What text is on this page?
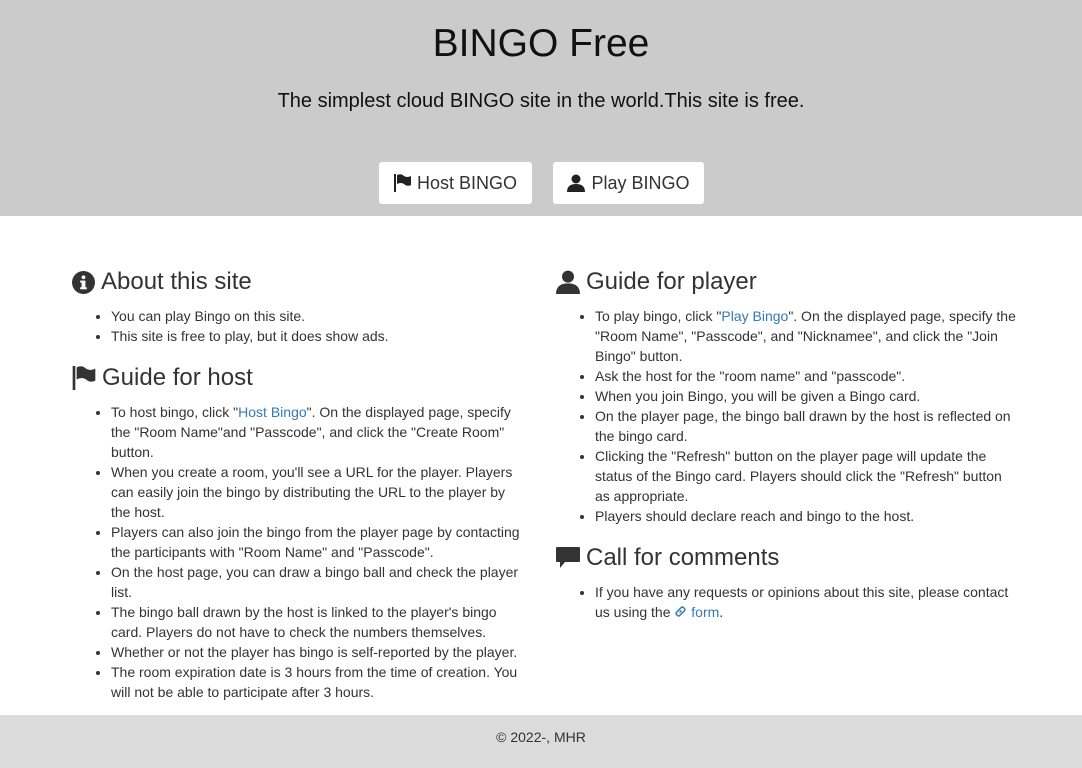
BINGO Free

The simplest cloud BINGO site in the world.This site is free.

Host BINGO	Play BINGO
About this site
• You can play Bingo on this site.
• This site is free to play, but it does show ads.
Guide for host
• To host bingo, click "Host Bingo". On the displayed page, specify the "Room Name"and "Passcode", and click the "Create Room" button.
• When you create a room, you'll see a URL for the player. Players can easily join the bingo by distributing the URL to the player by the host.
• Players can also join the bingo from the player page by contacting the participants with "Room Name" and "Passcode".
• On the host page, you can draw a bingo ball and check the player list.
• The bingo ball drawn by the host is linked to the player's bingo card. Players do not have to check the numbers themselves.
• Whether or not the player has bingo is self-reported by the player.
• The room expiration date is 3 hours from the time of creation. You will not be able to participate after 3 hours.
Guide for player
• To play bingo, click "Play Bingo". On the displayed page, specify the "Room Name", "Passcode", and "Nicknamee", and click the "Join Bingo" button.
• Ask the host for the "room name" and "passcode".
• When you join Bingo, you will be given a Bingo card.
• On the player page, the bingo ball drawn by the host is reflected on the bingo card.
• Clicking the "Refresh" button on the player page will update the status of the Bingo card. Players should click the "Refresh" button as appropriate.
• Players should declare reach and bingo to the host.
Call for comments
• If you have any requests or opinions about this site, please contact us using the  form.
© 2022-, MHR
